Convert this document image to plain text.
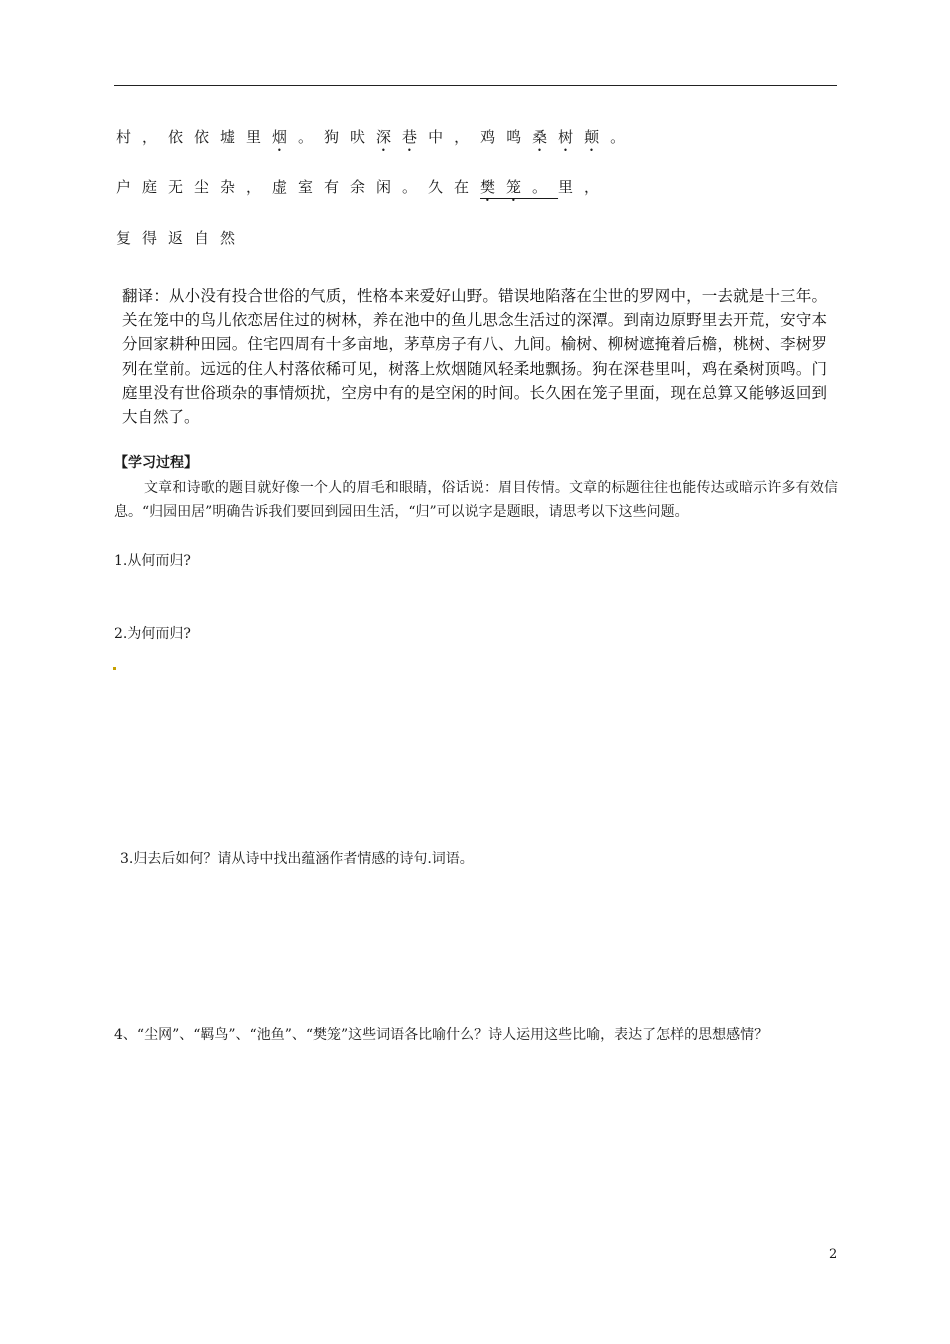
村，依依墟里烟。狗吠深巷中，鸡鸣桑树颠。
户庭无尘杂，虚室有余闲。久在樊笼。里，
复得返自然
翻译：从小没有投合世俗的气质，性格本来爱好山野。错误地陷落在尘世的罗网中，一去就是十三年。关在笼中的鸟儿依恋居住过的树林，养在池中的鱼儿思念生活过的深潭。到南边原野里去开荒，安守本分回家耕种田园。住宅四周有十多亩地，茅草房子有八、九间。榆树、柳树遮掩着后檐，桃树、李树罗列在堂前。远远的住人村落依稀可见，树落上炊烟随风轻柔地飘扬。狗在深巷里叫，鸡在桑树顶鸣。门庭里没有世俗琐杂的事情烦扰，空房中有的是空闲的时间。长久困在笼子里面，现在总算又能够返回到大自然了。
【学习过程】
文章和诗歌的题目就好像一个人的眉毛和眼睛，俗话说：眉目传情。文章的标题往往也能传达或暗示许多有效信息。“归园田居”明确告诉我们要回到园田生活，“归”可以说字是题眼，请思考以下这些问题。
1.从何而归?
2.为何而归?
3.归去后如何？请从诗中找出蕴涵作者情感的诗句.词语。
4、“尘网”、“羁鸟”、“池鱼”、“樊笼”这些词语各比喻什么？诗人运用这些比喻，表达了怎样的思想感情？
2
